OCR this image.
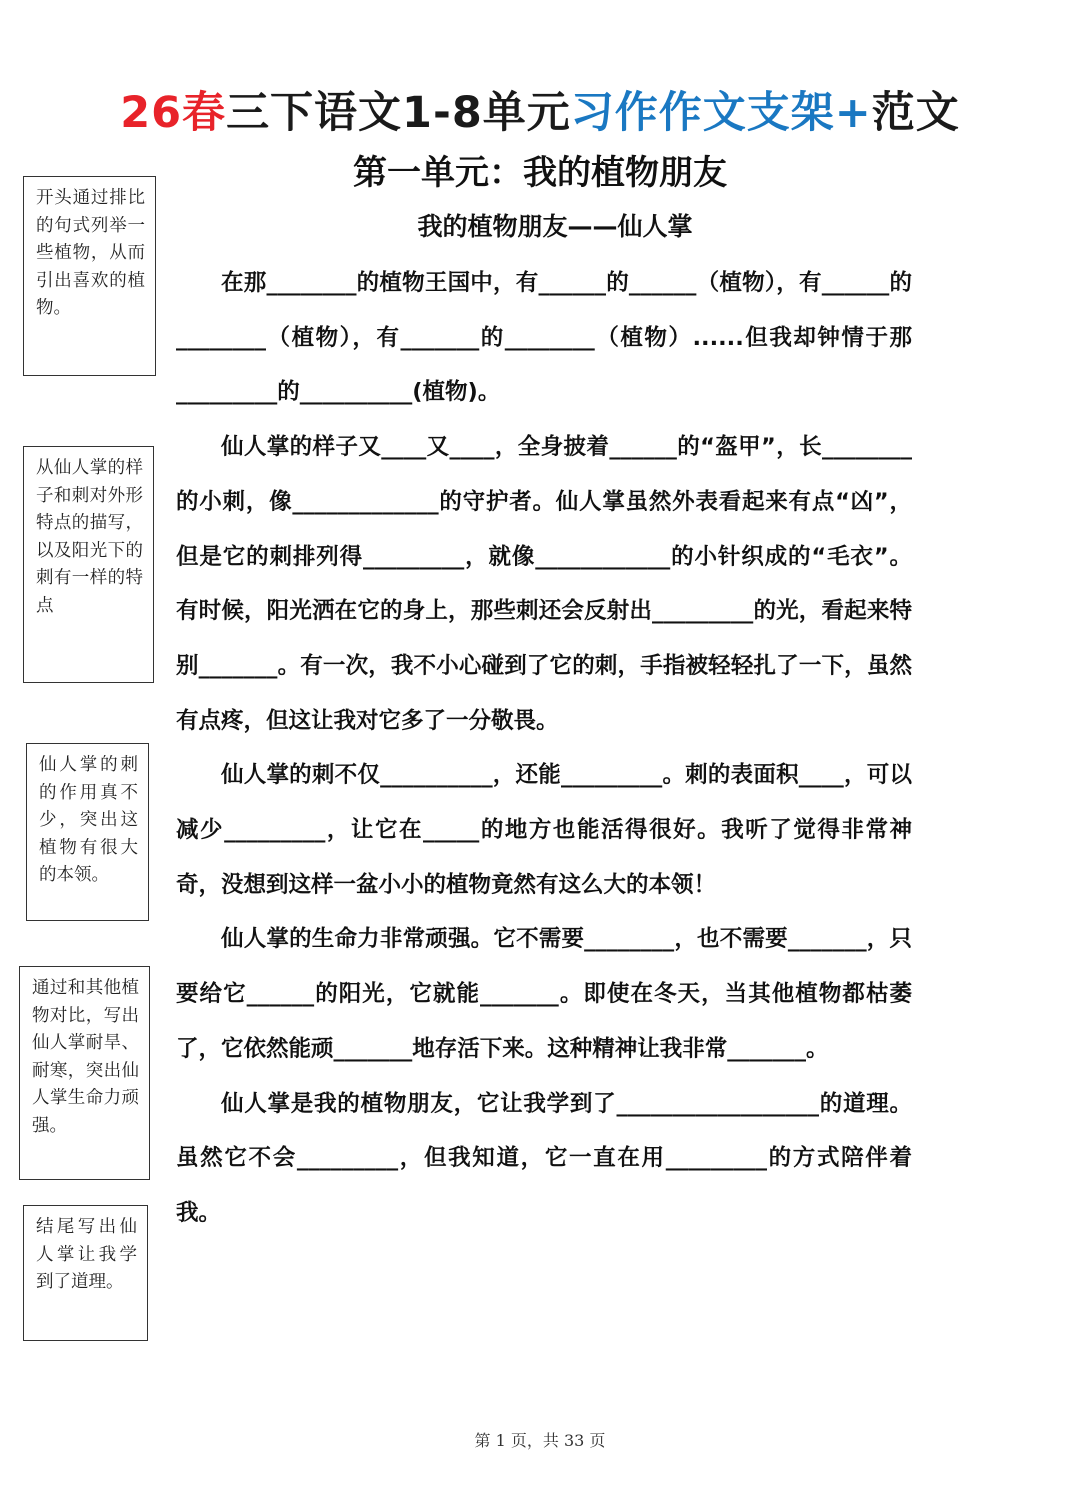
26春三下语文1-8单元习作作文支架+范文
第一单元：我的植物朋友
我的植物朋友——仙人掌
开头通过排比的句式列举一些植物，从而引出喜欢的植物。
从仙人掌的样子和刺对外形特点的描写，以及阳光下的刺有一样的特点
仙人掌的刺的作用真不少，突出这植物有很大的本领。
通过和其他植物对比，写出仙人掌耐旱、耐寒，突出仙人掌生命力顽强。
结尾写出仙人掌让我学到了道理。

在那________的植物王国中，有______的______（植物），有______的________（植物），有_______的________（植物）......但我却钟情于那_________的__________(植物)。

仙人掌的样子又____又____，全身披着______的“盔甲”，长________的小刺，像_____________的守护者。仙人掌虽然外表看起来有点“凶”，但是它的刺排列得_________，就像____________的小针织成的“毛衣”。有时候，阳光洒在它的身上，那些刺还会反射出_________的光，看起来特别_______。有一次，我不小心碰到了它的刺，手指被轻轻扎了一下，虽然有点疼，但这让我对它多了一分敬畏。

仙人掌的刺不仅__________，还能_________。刺的表面积____，可以减少_________，让它在_____的地方也能活得很好。我听了觉得非常神奇，没想到这样一盆小小的植物竟然有这么大的本领！

仙人掌的生命力非常顽强。它不需要________，也不需要_______，只要给它______的阳光，它就能_______。即使在冬天，当其他植物都枯萎了，它依然能顽_______地存活下来。这种精神让我非常_______。

仙人掌是我的植物朋友，它让我学到了__________________的道理。虽然它不会_________，但我知道，它一直在用_________的方式陪伴着我。

第 1 页，共 33 页
